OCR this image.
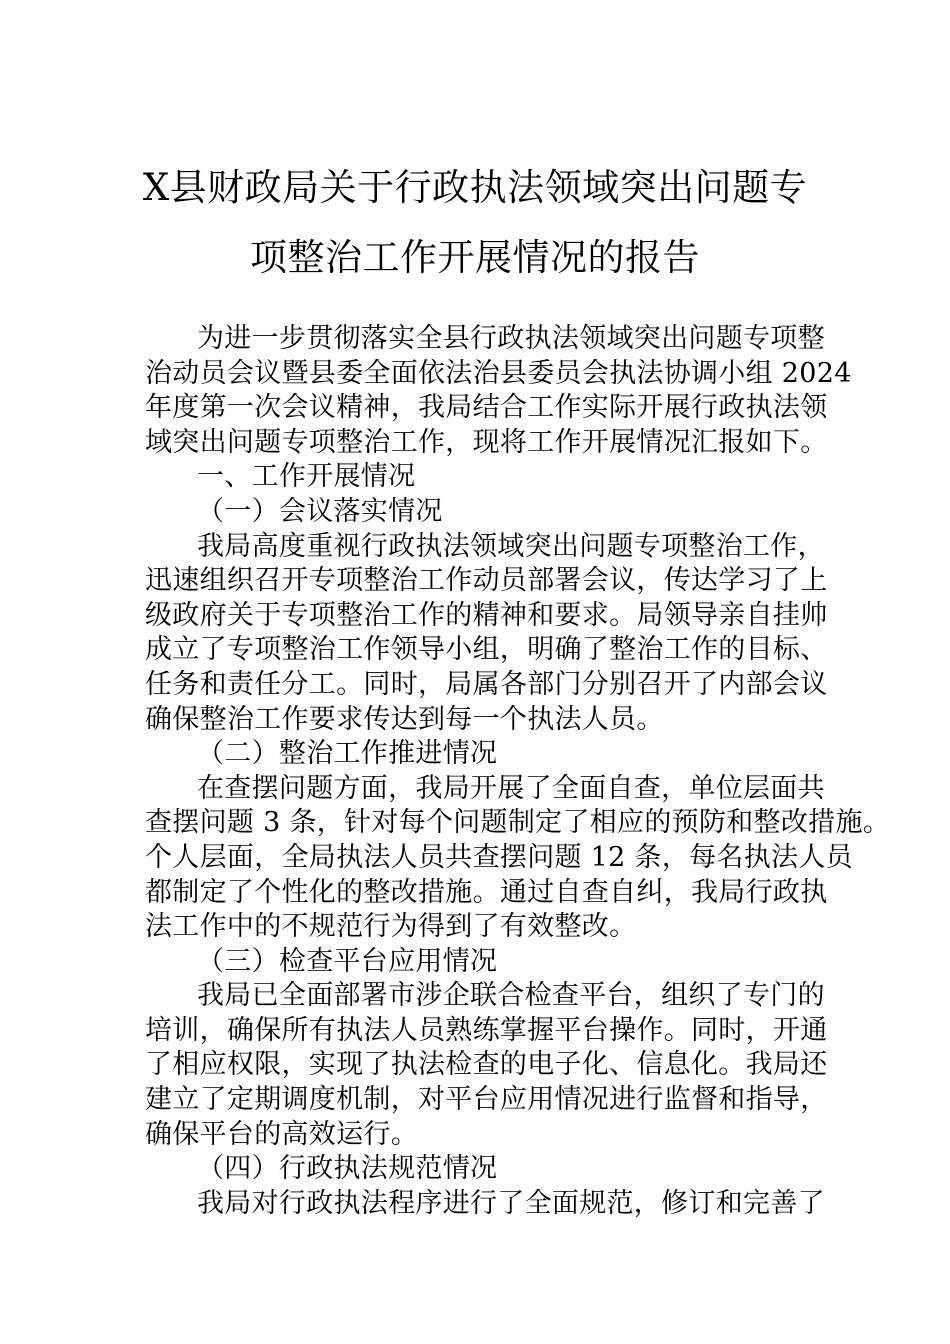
X县财政局关于行政执法领域突出问题专
项整治工作开展情况的报告
为进一步贯彻落实全县行政执法领域突出问题专项整
治动员会议暨县委全面依法治县委员会执法协调小组 2024
年度第一次会议精神，我局结合工作实际开展行政执法领
域突出问题专项整治工作，现将工作开展情况汇报如下。
一、工作开展情况
（一）会议落实情况
我局高度重视行政执法领域突出问题专项整治工作，
迅速组织召开专项整治工作动员部署会议，传达学习了上
级政府关于专项整治工作的精神和要求。局领导亲自挂帅
成立了专项整治工作领导小组，明确了整治工作的目标、
任务和责任分工。同时，局属各部门分别召开了内部会议
确保整治工作要求传达到每一个执法人员。
（二）整治工作推进情况
在查摆问题方面，我局开展了全面自查，单位层面共
查摆问题 3 条，针对每个问题制定了相应的预防和整改措施。
个人层面，全局执法人员共查摆问题 12 条，每名执法人员
都制定了个性化的整改措施。通过自查自纠，我局行政执
法工作中的不规范行为得到了有效整改。
（三）检查平台应用情况
我局已全面部署市涉企联合检查平台，组织了专门的
培训，确保所有执法人员熟练掌握平台操作。同时，开通
了相应权限，实现了执法检查的电子化、信息化。我局还
建立了定期调度机制，对平台应用情况进行监督和指导，
确保平台的高效运行。
（四）行政执法规范情况
我局对行政执法程序进行了全面规范，修订和完善了
